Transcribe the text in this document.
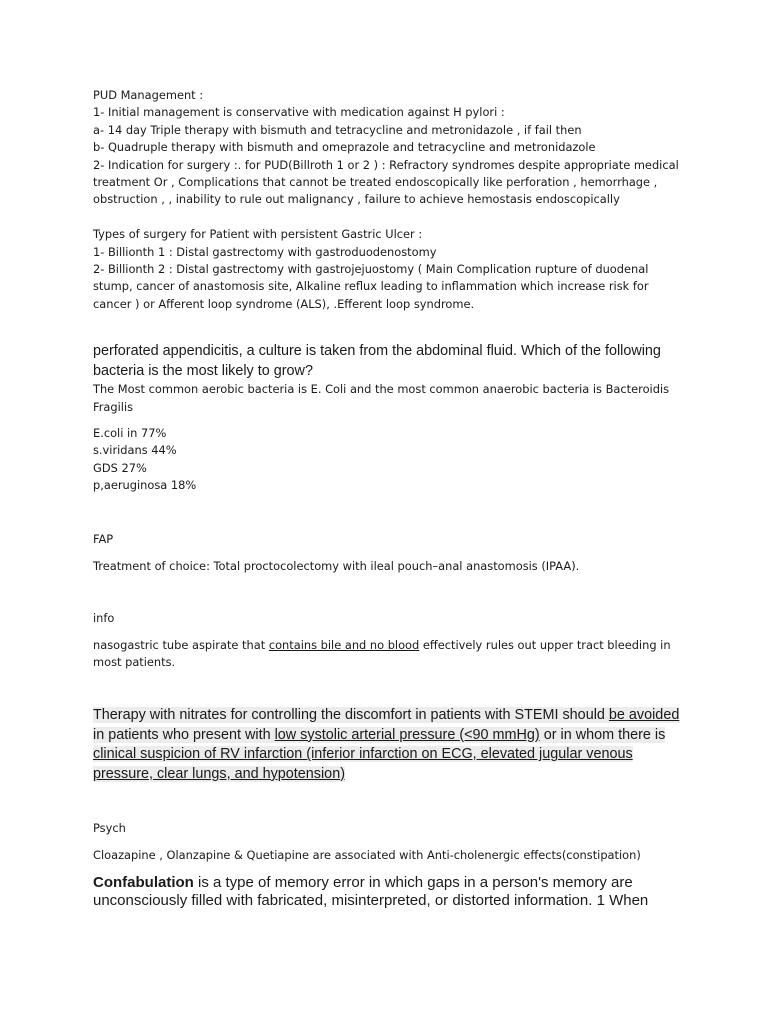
PUD Management :

1- Initial management is conservative with medication against H pylori :

a- 14 day Triple therapy with bismuth and tetracycline and metronidazole , if fail then

b- Quadruple therapy with bismuth and omeprazole and tetracycline and metronidazole

2- Indication for surgery :. for PUD(Billroth 1 or 2 ) : Refractory syndromes despite appropriate medical treatment Or , Complications that cannot be treated endoscopically like perforation , hemorrhage , obstruction , , inability to rule out malignancy , failure to achieve hemostasis endoscopically

Types of surgery for Patient with persistent Gastric Ulcer :

1- Billionth 1 : Distal gastrectomy with gastroduodenostomy

2- Billionth 2 : Distal gastrectomy with gastrojejuostomy ( Main Complication rupture of duodenal stump, cancer of anastomosis site, Alkaline reflux leading to inflammation which increase risk for cancer ) or Afferent loop syndrome (ALS), .Efferent loop syndrome.

perforated appendicitis, a culture is taken from the abdominal fluid. Which of the following bacteria is the most likely to grow?

The Most common aerobic bacteria is E. Coli and the most common anaerobic bacteria is Bacteroidis Fragilis

E.coli in 77%

s.viridans 44%

GDS 27%

p,aeruginosa 18%

FAP

Treatment of choice: Total proctocolectomy with ileal pouch–anal anastomosis (IPAA).

info

nasogastric tube aspirate that contains bile and no blood effectively rules out upper tract bleeding in most patients.

Therapy with nitrates for controlling the discomfort in patients with STEMI should be avoided in patients who present with low systolic arterial pressure (<90 mmHg) or in whom there is clinical suspicion of RV infarction (inferior infarction on ECG, elevated jugular venous pressure, clear lungs, and hypotension)

Psych

Cloazapine , Olanzapine & Quetiapine are associated with Anti-cholenergic effects(constipation)

Confabulation is a type of memory error in which gaps in a person's memory are unconsciously filled with fabricated, misinterpreted, or distorted information. 1 When
